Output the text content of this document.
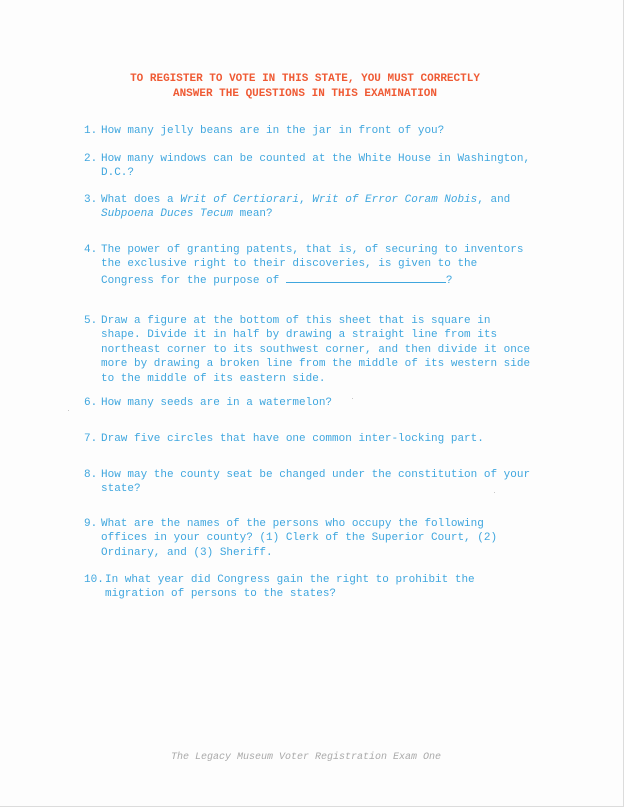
TO REGISTER TO VOTE IN THIS STATE, YOU MUST CORRECTLY
ANSWER THE QUESTIONS IN THIS EXAMINATION
1. How many jelly beans are in the jar in front of you?
2. How many windows can be counted at the White House in Washington,
D.C.?
3. What does a Writ of Certiorari, Writ of Error Coram Nobis, and
Subpoena Duces Tecum mean?
4. The power of granting patents, that is, of securing to inventors
the exclusive right to their discoveries, is given to the
Congress for the purpose of	?
5. Draw a figure at the bottom of this sheet that is square in
shape. Divide it in half by drawing a straight line from its
northeast corner to its southwest corner, and then divide it once
more by drawing a broken line from the middle of its western side
to the middle of its eastern side.
6. How many seeds are in a watermelon?
7. Draw five circles that have one common inter-locking part.
8. How may the county seat be changed under the constitution of your
state?
9. What are the names of the persons who occupy the following
offices in your county? (1) Clerk of the Superior Court, (2)
Ordinary, and (3) Sheriff.
10. In what year did Congress gain the right to prohibit the
migration of persons to the states?
The Legacy Museum Voter Registration Exam One
